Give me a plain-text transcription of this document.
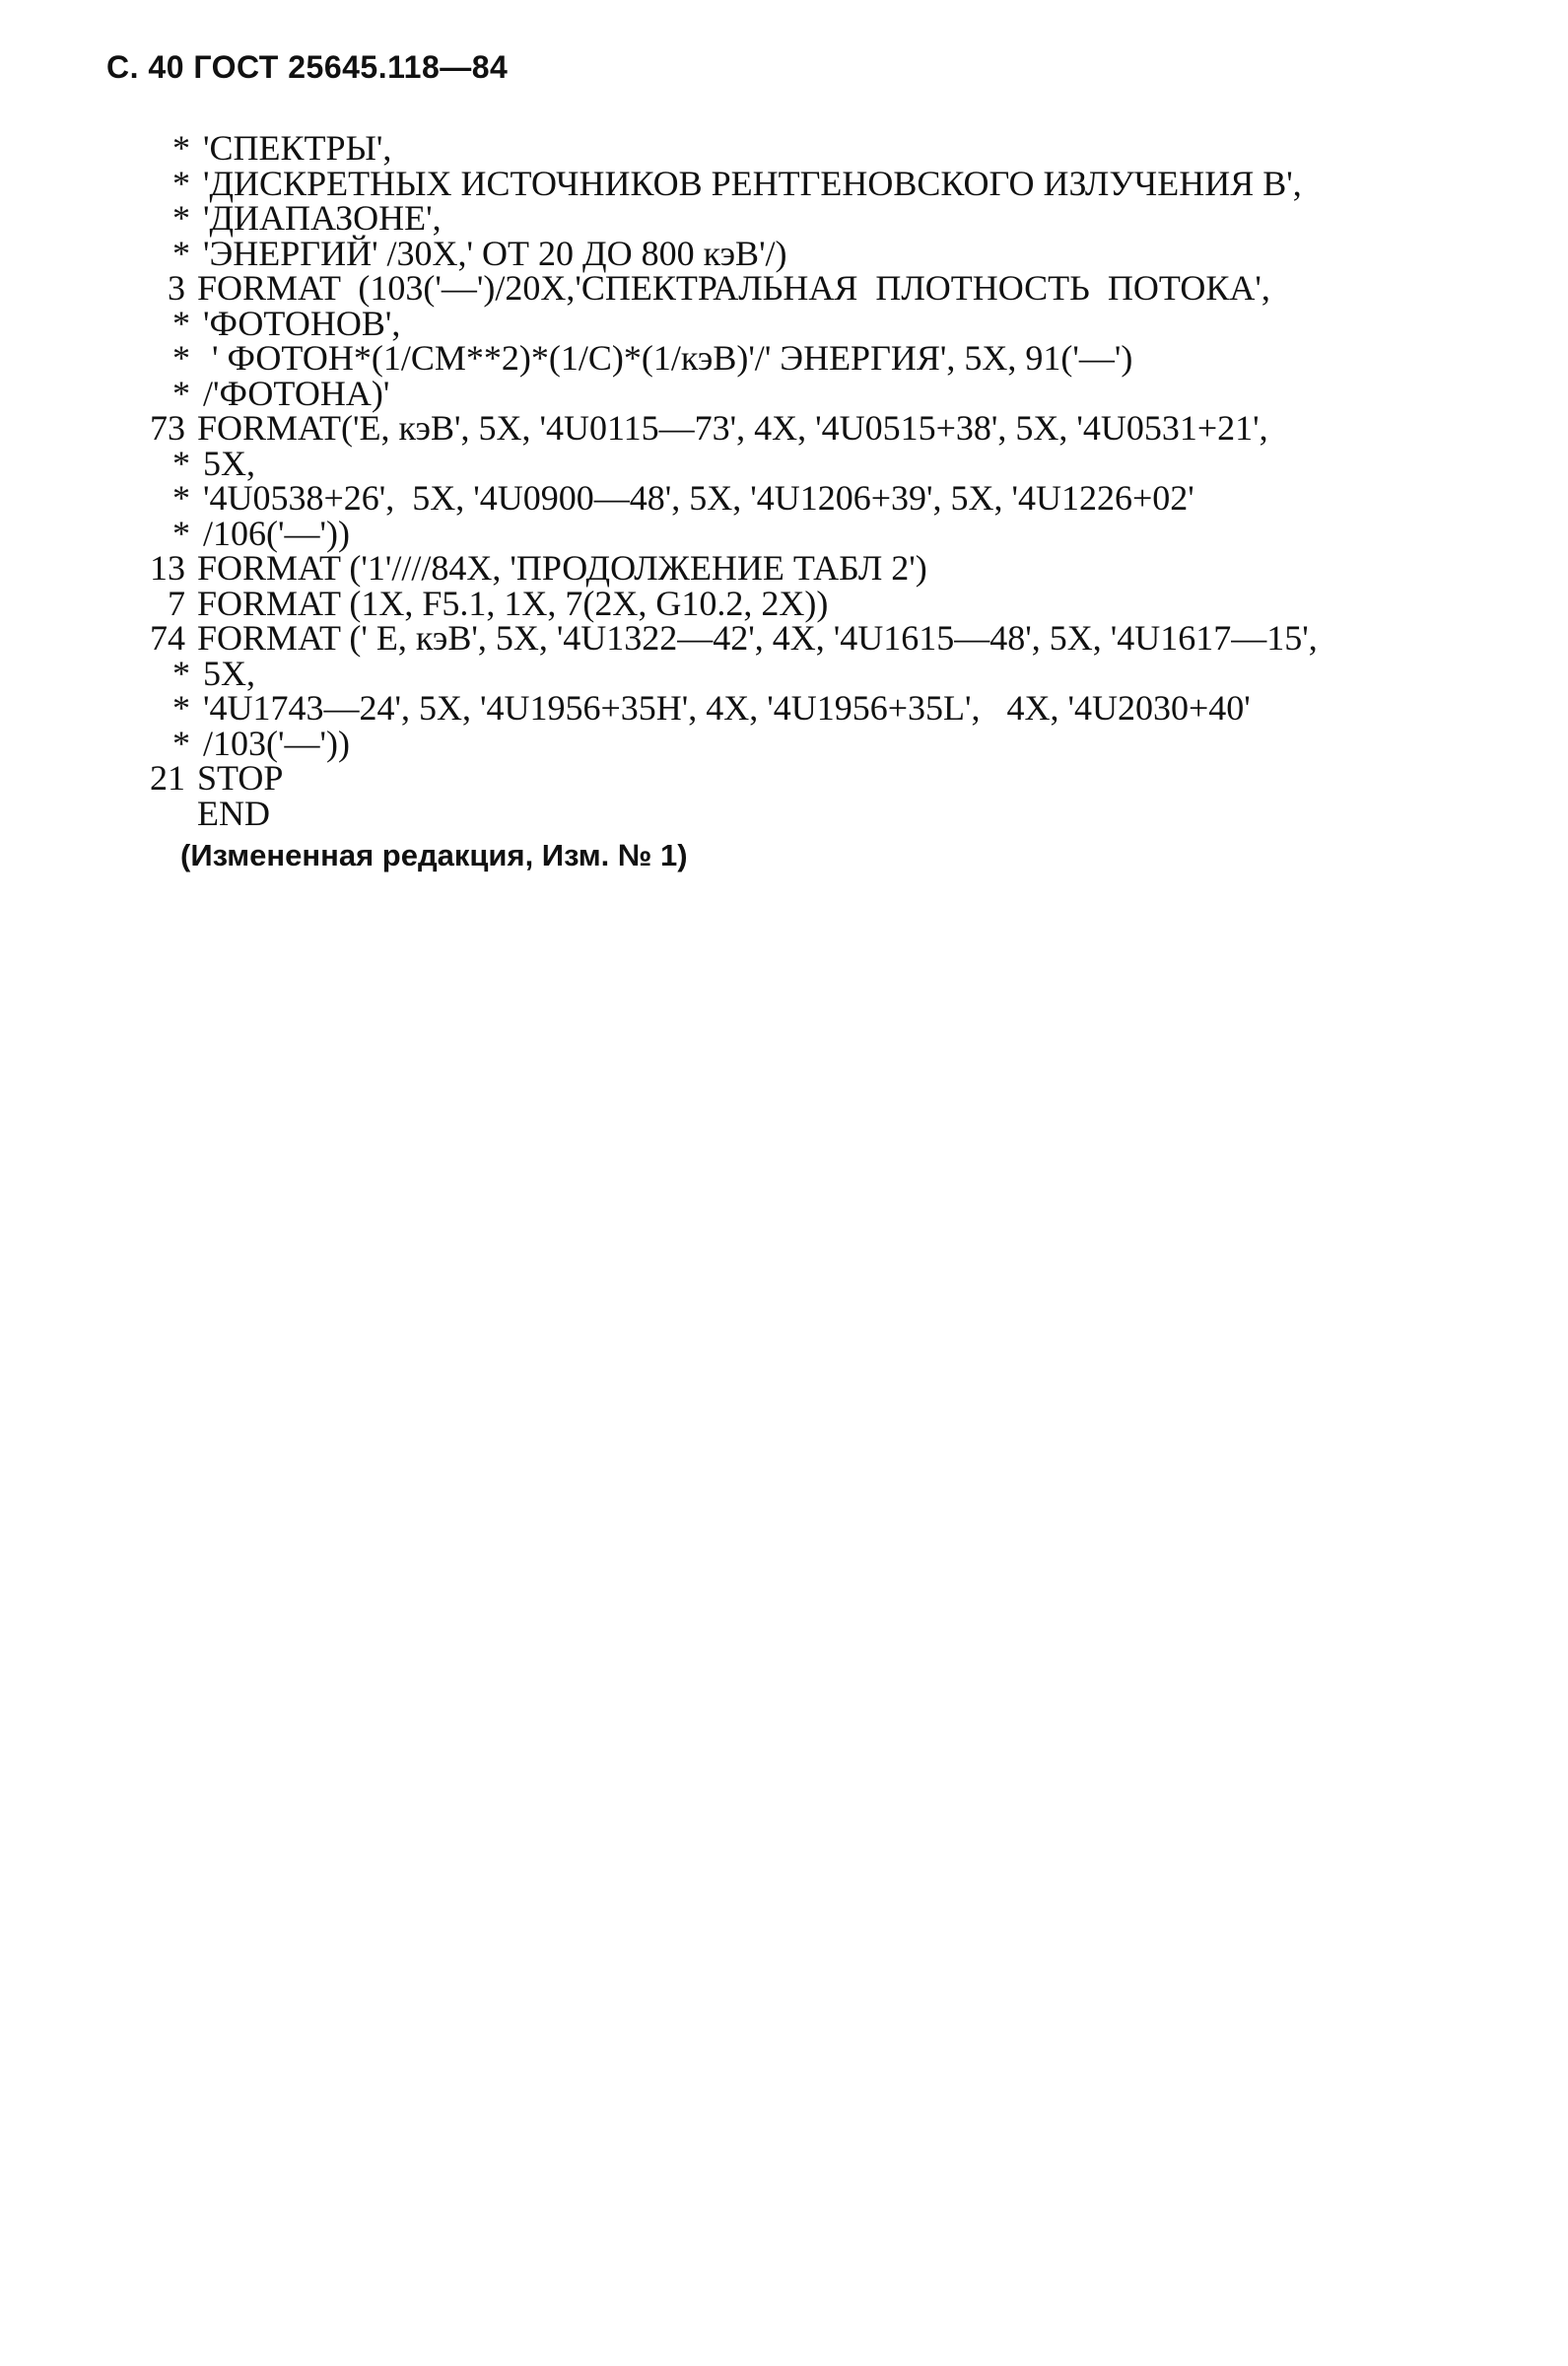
С. 40 ГОСТ 25645.118—84
* 'СПЕКТРЫ',
* 'ДИСКРЕТНЫХ ИСТОЧНИКОВ РЕНТГЕНОВСКОГО ИЗЛУЧЕНИЯ В',
* 'ДИАПАЗОНЕ',
* 'ЭНЕРГИЙ' /30X,' ОТ 20 ДО 800 кэВ'/)
3 FORMAT  (103('—')/20X,'СПЕКТРАЛЬНАЯ  ПЛОТНОСТЬ  ПОТОКА',
* 'ФОТОНОВ',
* ' ФОТОН*(1/СМ**2)*(1/С)*(1/кэВ)'/' ЭНЕРГИЯ', 5X, 91('—')
* /'ФОТОНА)'
73 FORMAT('E, кэВ', 5X, '4U0115—73', 4X, '4U0515+38', 5X, '4U0531+21',
* 5X,
* '4U0538+26',  5X, '4U0900—48', 5X, '4U1206+39', 5X, '4U1226+02'
* /106('—'))
13 FORMAT ('1'////84X, 'ПРОДОЛЖЕНИЕ ТАБЛ 2')
7 FORMAT (1X, F5.1, 1X, 7(2X, G10.2, 2X))
74 FORMAT (' E, кэВ', 5X, '4U1322—42', 4X, '4U1615—48', 5X, '4U1617—15',
* 5X,
* '4U1743—24', 5X, '4U1956+35H', 4X, '4U1956+35L',   4X, '4U2030+40'
* /103('—'))
21 STOP
END
(Измененная редакция, Изм. № 1)
